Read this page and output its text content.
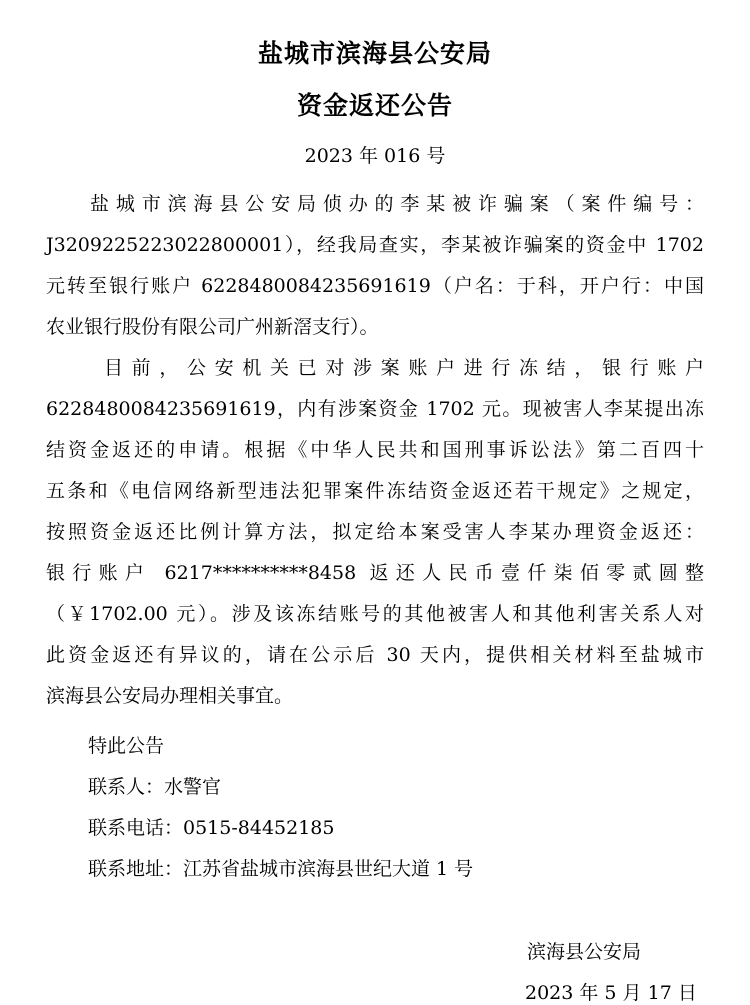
盐城市滨海县公安局
资金返还公告
2023 年 016 号
盐城市滨海县公安局侦办的李某被诈骗案（案件编号：
J3209225223022800001），经我局查实，李某被诈骗案的资金中 1702
元转至银行账户 6228480084235691619（户名：于科，开户行：中国
农业银行股份有限公司广州新滘支行）。
目前，公安机关已对涉案账户进行冻结，银行账户
6228480084235691619，内有涉案资金 1702 元。现被害人李某提出冻
结资金返还的申请。根据《中华人民共和国刑事诉讼法》第二百四十
五条和《电信网络新型违法犯罪案件冻结资金返还若干规定》之规定，
按照资金返还比例计算方法，拟定给本案受害人李某办理资金返还：
银行账户 6217**********8458 返还人民币壹仟柒佰零贰圆整
（￥1702.00 元）。涉及该冻结账号的其他被害人和其他利害关系人对
此资金返还有异议的，请在公示后 30 天内，提供相关材料至盐城市
滨海县公安局办理相关事宜。
特此公告
联系人：水警官
联系电话：0515-84452185
联系地址：江苏省盐城市滨海县世纪大道 1 号
滨海县公安局
2023 年 5 月 17 日
